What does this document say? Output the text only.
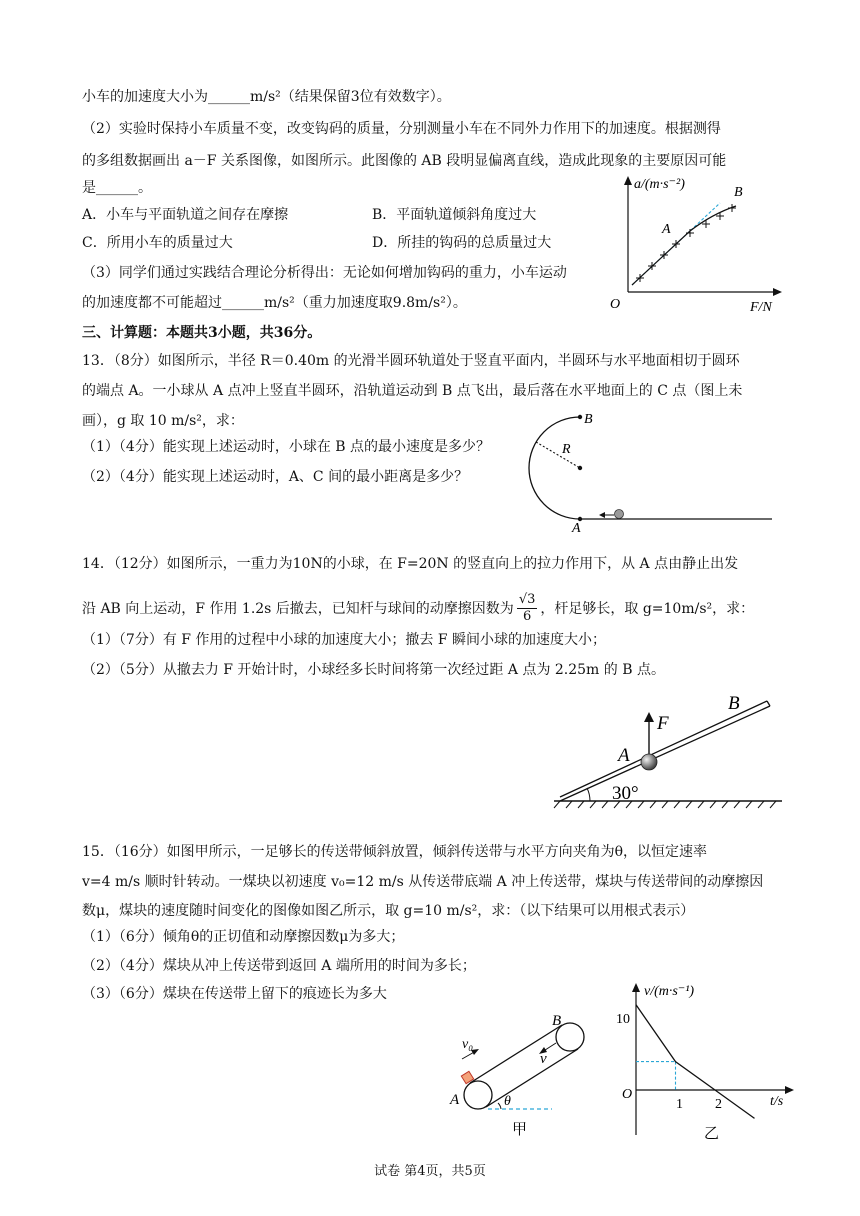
小车的加速度大小为______m/s²（结果保留3位有效数字）。
（2）实验时保持小车质量不变，改变钩码的质量，分别测量小车在不同外力作用下的加速度。根据测得
的多组数据画出 a－F 关系图像，如图所示。此图像的 AB 段明显偏离直线，造成此现象的主要原因可能
是______。
A．小车与平面轨道之间存在摩擦	B．平面轨道倾斜角度过大
C．所用小车的质量过大	D．所挂的钩码的总质量过大
（3）同学们通过实践结合理论分析得出：无论如何增加钩码的重力，小车运动
的加速度都不可能超过______m/s²（重力加速度取9.8m/s²）。
a/(m·s⁻²)
F/N
O
A
B
三、计算题：本题共3小题，共36分。
13．（8分）如图所示，半径 R＝0.40m 的光滑半圆环轨道处于竖直平面内，半圆环与水平地面相切于圆环
的端点 A。一小球从 A 点冲上竖直半圆环，沿轨道运动到 B 点飞出，最后落在水平地面上的 C 点（图上未
画），g 取 10 m/s²，求：
（1）（4分）能实现上述运动时，小球在 B 点的最小速度是多少？
（2）（4分）能实现上述运动时，A、C 间的最小距离是多少？
B
R
A
14．（12分）如图所示，一重力为10N的小球，在 F=20N 的竖直向上的拉力作用下，从 A 点由静止出发
沿 AB 向上运动，F 作用 1.2s 后撤去，已知杆与球间的动摩擦因数为 $\frac{√3}{6}$ ，杆足够长，取 g=10m/s²，求：
（1）（7分）有 F 作用的过程中小球的加速度大小；撤去 F 瞬间小球的加速度大小；
（2）（5分）从撤去力 F 开始计时，小球经多长时间将第一次经过距 A 点为 2.25m 的 B 点。
30°
F
A
B
15．（16分）如图甲所示，一足够长的传送带倾斜放置，倾斜传送带与水平方向夹角为θ，以恒定速率
v=4 m/s 顺时针转动。一煤块以初速度 v₀=12 m/s 从传送带底端 A 冲上传送带，煤块与传送带间的动摩擦因
数μ，煤块的速度随时间变化的图像如图乙所示，取 g=10 m/s²，求：（以下结果可以用根式表示）
（1）（6分）倾角θ的正切值和动摩擦因数μ为多大；
（2）（4分）煤块从冲上传送带到返回 A 端所用的时间为多长；
（3）（6分）煤块在传送带上留下的痕迹长为多大
v₀
v
A
B
θ
甲
v/(m·s⁻¹)
t/s
O
10
1 2
乙
试卷 第4页，共5页
